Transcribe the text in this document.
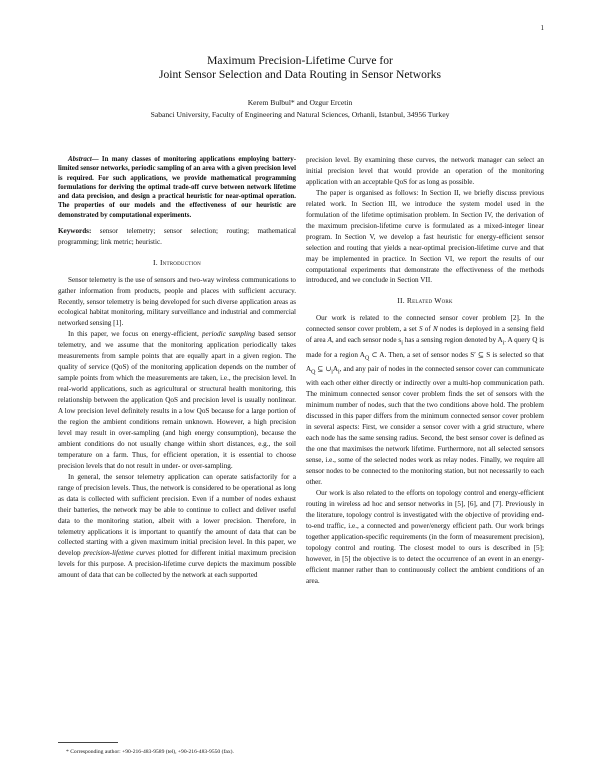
1
Maximum Precision-Lifetime Curve for
Joint Sensor Selection and Data Routing in Sensor Networks
Kerem Bulbul* and Ozgur Ercetin
Sabanci University, Faculty of Engineering and Natural Sciences, Orhanli, Istanbul, 34956 Turkey

Abstract— In many classes of monitoring applications employing battery-limited sensor networks, periodic sampling of an area with a given precision level is required. For such applications, we provide mathematical programming formulations for deriving the optimal trade-off curve between network lifetime and data precision, and design a practical heuristic for near-optimal operation. The properties of our models and the effectiveness of our heuristic are demonstrated by computational experiments.

Keywords: sensor telemetry; sensor selection; routing; mathematical programming; link metric; heuristic.

I. Introduction

Sensor telemetry is the use of sensors and two-way wireless communications to gather information from products, people and places with sufficient accuracy. Recently, sensor telemetry is being developed for such diverse application areas as ecological habitat monitoring, military surveillance and industrial and commercial networked sensing [1].

In this paper, we focus on energy-efficient, periodic sampling based sensor telemetry, and we assume that the monitoring application periodically takes measurements from sample points that are equally apart in a given region. The quality of service (QoS) of the monitoring application depends on the number of sample points from which the measurements are taken, i.e., the precision level. In real-world applications, such as agricultural or structural health monitoring, this relationship between the application QoS and precision level is usually nonlinear. A low precision level definitely results in a low QoS because for a large portion of the region the ambient conditions remain unknown. However, a high precision level may result in over-sampling (and high energy consumption), because the ambient conditions do not usually change within short distances, e.g., the soil temperature on a farm. Thus, for efficient operation, it is essential to choose precision levels that do not result in under- or over-sampling.

In general, the sensor telemetry application can operate satisfactorily for a range of precision levels. Thus, the network is considered to be operational as long as data is collected with sufficient precision. Even if a number of nodes exhaust their batteries, the network may be able to continue to collect and deliver useful data to the monitoring station, albeit with a lower precision. Therefore, in telemetry applications it is important to quantify the amount of data that can be collected starting with a given maximum initial precision level. In this paper, we develop precision-lifetime curves plotted for different initial maximum precision levels for this purpose. A precision-lifetime curve depicts the maximum possible amount of data that can be collected by the network at each supported

precision level. By examining these curves, the network manager can select an initial precision level that would provide an operation of the monitoring application with an acceptable QoS for as long as possible.

The paper is organised as follows: In Section II, we briefly discuss previous related work. In Section III, we introduce the system model used in the formulation of the lifetime optimisation problem. In Section IV, the derivation of the maximum precision-lifetime curve is formulated as a mixed-integer linear program. In Section V, we develop a fast heuristic for energy-efficient sensor selection and routing that yields a near-optimal precision-lifetime curve and that may be implemented in practice. In Section VI, we report the results of our computational experiments that demonstrate the effectiveness of the methods introduced, and we conclude in Section VII.

II. Related Work

Our work is related to the connected sensor cover problem [2]. In the connected sensor cover problem, a set S of N nodes is deployed in a sensing field of area A, and each sensor node $s_i$ has a sensing region denoted by $A_i$. A query Q is made for a region $A_Q$ ⊂ A. Then, a set of sensor nodes S′ ⊆ S is selected so that $A_Q$ ⊆ $\cup_iA_i$, and any pair of nodes in the connected sensor cover can communicate with each other either directly or indirectly over a multi-hop communication path. The minimum connected sensor cover problem finds the set of sensors with the minimum number of nodes, such that the two conditions above hold. The problem discussed in this paper differs from the minimum connected sensor cover problem in several aspects: First, we consider a sensor cover with a grid structure, where each node has the same sensing radius. Second, the best sensor cover is defined as the one that maximises the network lifetime. Furthermore, not all selected sensors sense, i.e., some of the selected nodes work as relay nodes. Finally, we require all sensor nodes to be connected to the monitoring station, but not necessarily to each other.

Our work is also related to the efforts on topology control and energy-efficient routing in wireless ad hoc and sensor networks in [5], [6], and [7]. Previously in the literature, topology control is investigated with the objective of providing end-to-end traffic, i.e., a connected and power/energy efficient path. Our work brings together application-specific requirements (in the form of measurement precision), topology control and routing. The closest model to ours is described in [5]; however, in [5] the objective is to detect the occurrence of an event in an energy-efficient manner rather than to continuously collect the ambient conditions of an area.

* Corresponding author: +90-216-483-9589 (tel), +90-216-483-9550 (fax).
